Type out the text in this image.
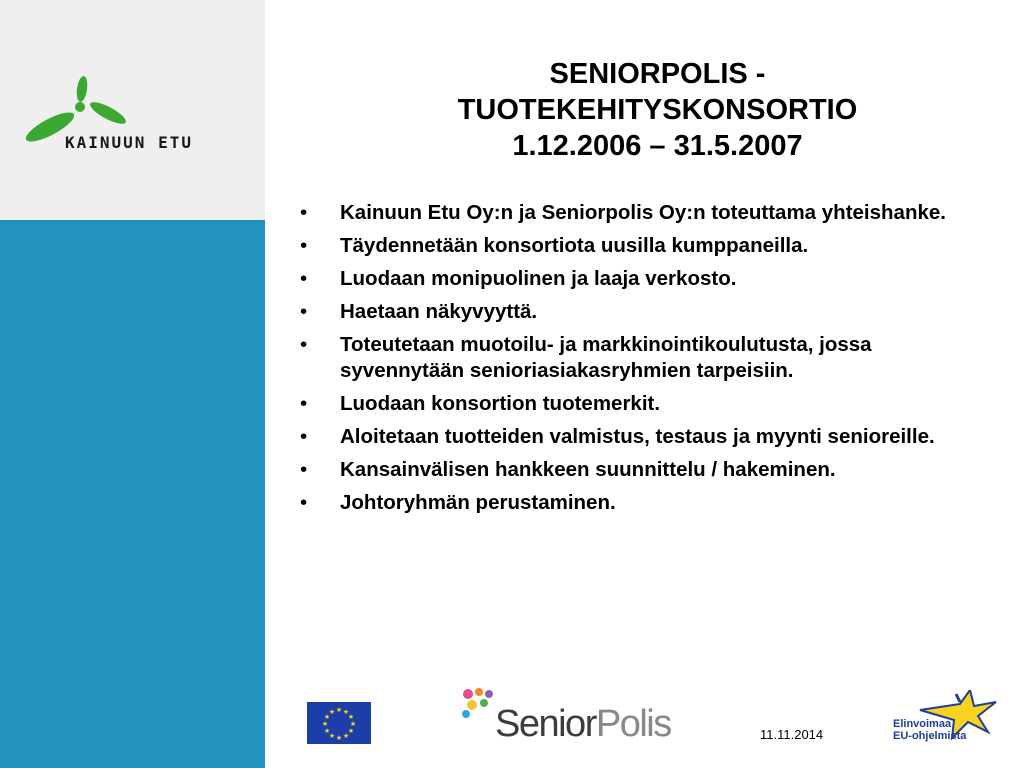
KAINUUN ETU
SENIORPOLIS -
TUOTEKEHITYSKONSORTIO
1.12.2006 – 31.5.2007
• Kainuun Etu Oy:n ja Seniorpolis Oy:n toteuttama yhteishanke.
• Täydennetään konsortiota uusilla kumppaneilla.
• Luodaan monipuolinen ja laaja verkosto.
• Haetaan näkyvyyttä.
• Toteutetaan muotoilu- ja markkinointikoulutusta, jossa syvennytään senioriasiakasryhmien tarpeisiin.
• Luodaan konsortion tuotemerkit.
• Aloitetaan tuotteiden valmistus, testaus ja myynti senioreille.
• Kansainvälisen hankkeen suunnittelu / hakeminen.
• Johtoryhmän perustaminen.
★ ★
★
★
★
★
★
★
★
★
★
★	SeniorPolis	11.11.2014
Elinvoimaa
EU-ohjelmista
